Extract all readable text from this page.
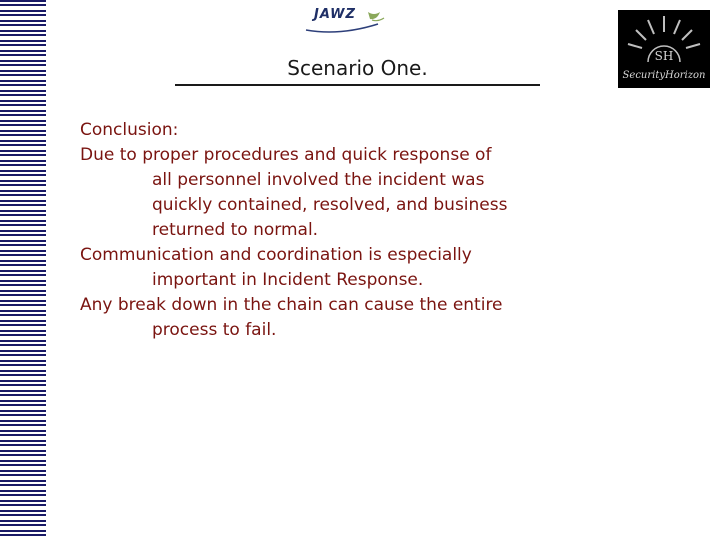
JAWZ
SH
SecurityHorizon
Scenario One.

Conclusion:

Due to proper procedures and quick response of

all personnel involved the incident was

quickly contained, resolved, and business

returned to normal.

Communication and coordination is especially

important in Incident Response.

Any break down in the chain can cause the entire

process to fail.
